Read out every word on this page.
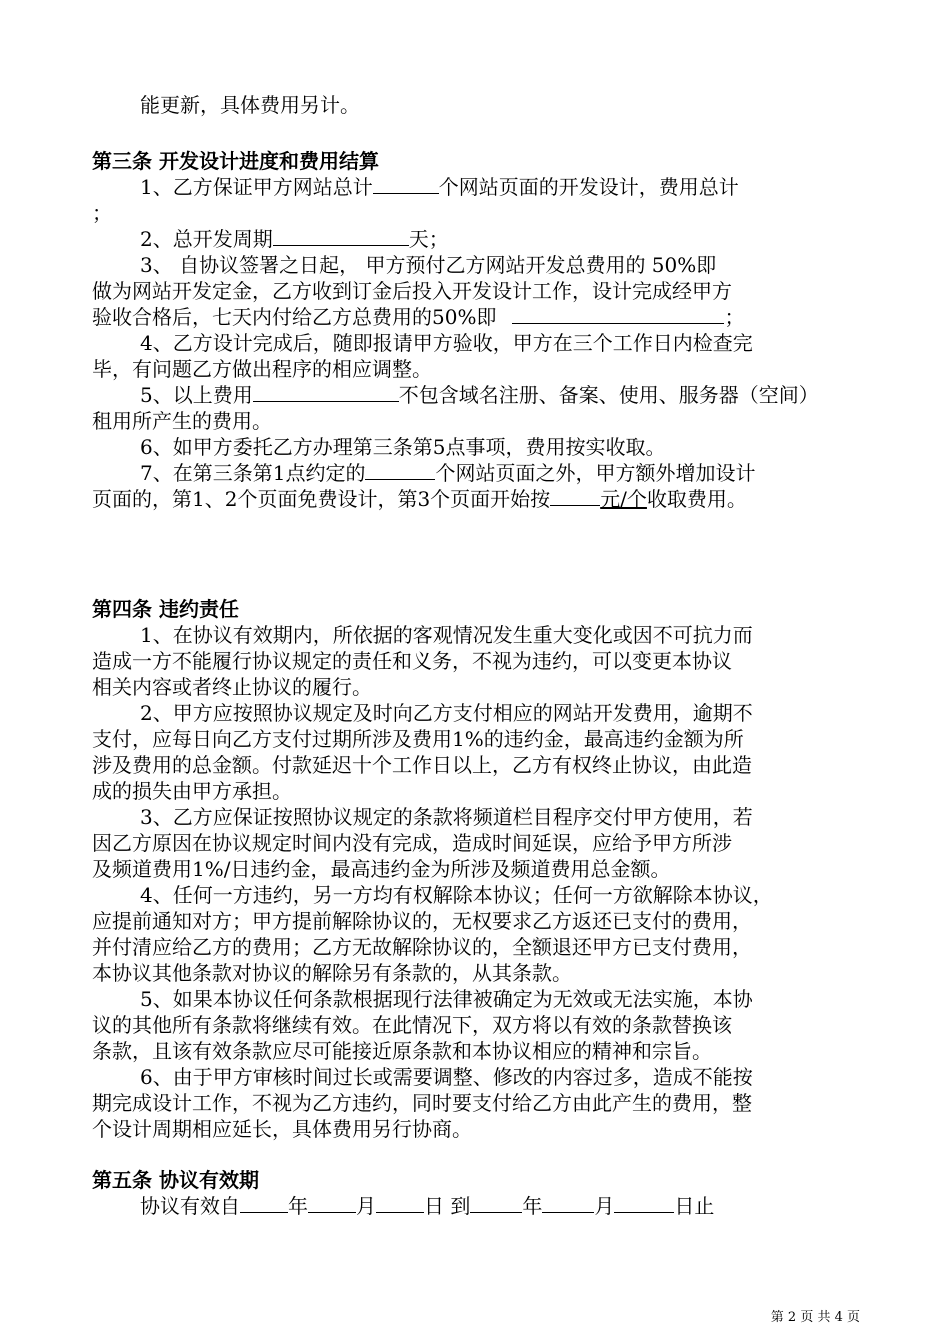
能更新，具体费用另计。
第三条 开发设计进度和费用结算
1、乙方保证甲方网站总计	个网站页面的开发设计，费用总计
；
2、总开发周期	天；
3、 自协议签署之日起， 甲方预付乙方网站开发总费用的 50%即
做为网站开发定金，乙方收到订金后投入开发设计工作，设计完成经甲方
验收合格后，七天内付给乙方总费用的50%即	；
4、乙方设计完成后，随即报请甲方验收，甲方在三个工作日内检查完
毕，有问题乙方做出程序的相应调整。
5、以上费用	不包含域名注册、备案、使用、服务器（空间）
租用所产生的费用。
6、如甲方委托乙方办理第三条第5点事项，费用按实收取。
7、在第三条第1点约定的	个网站页面之外，甲方额外增加设计
页面的，第1、2个页面免费设计，第3个页面开始按	元/个收取费用。
第四条 违约责任
1、在协议有效期内，所依据的客观情况发生重大变化或因不可抗力而
造成一方不能履行协议规定的责任和义务，不视为违约，可以变更本协议
相关内容或者终止协议的履行。
2、甲方应按照协议规定及时向乙方支付相应的网站开发费用，逾期不
支付，应每日向乙方支付过期所涉及费用1%的违约金，最高违约金额为所
涉及费用的总金额。付款延迟十个工作日以上，乙方有权终止协议，由此造
成的损失由甲方承担。
3、乙方应保证按照协议规定的条款将频道栏目程序交付甲方使用，若
因乙方原因在协议规定时间内没有完成，造成时间延误，应给予甲方所涉
及频道费用1%/日违约金，最高违约金为所涉及频道费用总金额。
4、任何一方违约，另一方均有权解除本协议；任何一方欲解除本协议，
应提前通知对方；甲方提前解除协议的，无权要求乙方返还已支付的费用，
并付清应给乙方的费用；乙方无故解除协议的，全额退还甲方已支付费用，
本协议其他条款对协议的解除另有条款的，从其条款。
5、如果本协议任何条款根据现行法律被确定为无效或无法实施，本协
议的其他所有条款将继续有效。在此情况下，双方将以有效的条款替换该
条款，且该有效条款应尽可能接近原条款和本协议相应的精神和宗旨。
6、由于甲方审核时间过长或需要调整、修改的内容过多，造成不能按
期完成设计工作，不视为乙方违约，同时要支付给乙方由此产生的费用，整
个设计周期相应延长，具体费用另行协商。
第五条 协议有效期
协议有效自 年 月 日 到	年	月	日止
第 2 页 共 4 页
